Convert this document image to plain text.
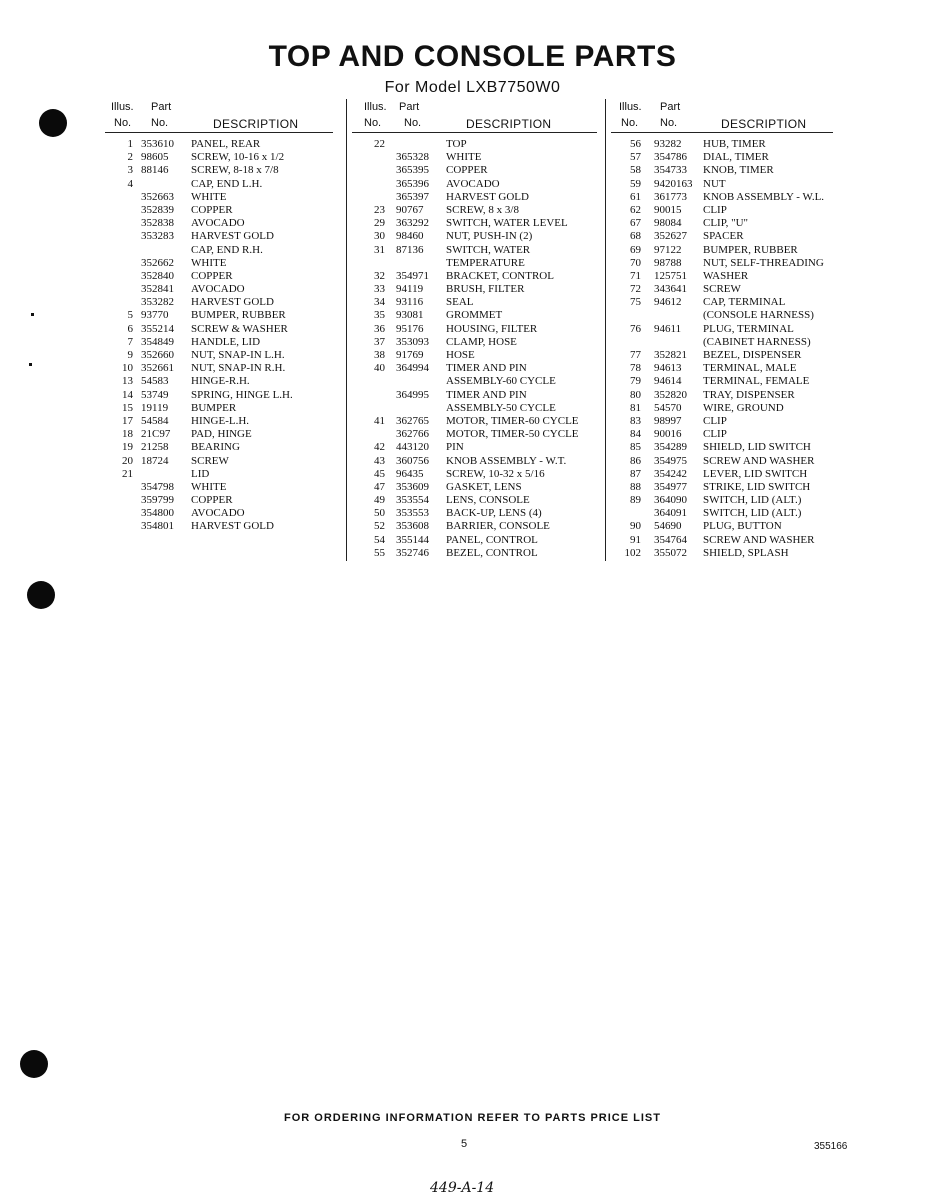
TOP AND CONSOLE PARTS
For Model LXB7750W0
Illus. Part
No. No.	DESCRIPTION
1 353610 PANEL, REAR
2 98605 SCREW, 10-16 x 1/2
3 88146 SCREW, 8-18 x 7/8
4	CAP, END L.H.
352663 WHITE
352839 COPPER
352838 AVOCADO
353283 HARVEST GOLD
CAP, END R.H.
352662 WHITE
352840 COPPER
352841 AVOCADO
353282 HARVEST GOLD
5 93770 BUMPER, RUBBER
6 355214 SCREW & WASHER
7 354849 HANDLE, LID
9 352660 NUT, SNAP-IN L.H.
10 352661 NUT, SNAP-IN R.H.
13 54583 HINGE-R.H.
14 53749 SPRING, HINGE L.H.
15 19119 BUMPER
17 54584 HINGE-L.H.
18 21C97 PAD, HINGE
19 21258 BEARING
20 18724 SCREW
21	LID
354798 WHITE
359799 COPPER
354800 AVOCADO
354801 HARVEST GOLD
Illus. Part
No. No.	DESCRIPTION
22	TOP
365328 WHITE
365395 COPPER
365396 AVOCADO
365397 HARVEST GOLD
23 90767 SCREW, 8 x 3/8
29 363292 SWITCH, WATER LEVEL
30 98460 NUT, PUSH-IN (2)
31 87136 SWITCH, WATER
TEMPERATURE
32 354971 BRACKET, CONTROL
33 94119 BRUSH, FILTER
34 93116 SEAL
35 93081 GROMMET
36 95176 HOUSING, FILTER
37 353093 CLAMP, HOSE
38 91769 HOSE
40 364994 TIMER AND PIN
ASSEMBLY-60 CYCLE
364995 TIMER AND PIN
ASSEMBLY-50 CYCLE
41 362765 MOTOR, TIMER-60 CYCLE
362766 MOTOR, TIMER-50 CYCLE
42 443120 PIN
43 360756 KNOB ASSEMBLY - W.T.
45 96435 SCREW, 10-32 x 5/16
47 353609 GASKET, LENS
49 353554 LENS, CONSOLE
50 353553 BACK-UP, LENS (4)
52 353608 BARRIER, CONSOLE
54 355144 PANEL, CONTROL
55 352746 BEZEL, CONTROL
Illus. Part
No. No.	DESCRIPTION
56 93282 HUB, TIMER
57 354786 DIAL, TIMER
58 354733 KNOB, TIMER
59 9420163 NUT
61 361773 KNOB ASSEMBLY - W.L.
62 90015 CLIP
67 98084 CLIP, "U"
68 352627 SPACER
69 97122 BUMPER, RUBBER
70 98788 NUT, SELF-THREADING
71 125751 WASHER
72 343641 SCREW
75 94612 CAP, TERMINAL
(CONSOLE HARNESS)
76 94611 PLUG, TERMINAL
(CABINET HARNESS)
77 352821 BEZEL, DISPENSER
78 94613 TERMINAL, MALE
79 94614 TERMINAL, FEMALE
80 352820 TRAY, DISPENSER
81 54570 WIRE, GROUND
83 98997 CLIP
84 90016 CLIP
85 354289 SHIELD, LID SWITCH
86 354975 SCREW AND WASHER
87 354242 LEVER, LID SWITCH
88 354977 STRIKE, LID SWITCH
89 364090 SWITCH, LID (ALT.)
364091 SWITCH, LID (ALT.)
90 54690 PLUG, BUTTON
91 354764 SCREW AND WASHER
102 355072 SHIELD, SPLASH
FOR ORDERING INFORMATION REFER TO PARTS PRICE LIST
5	355166
449-A-14
